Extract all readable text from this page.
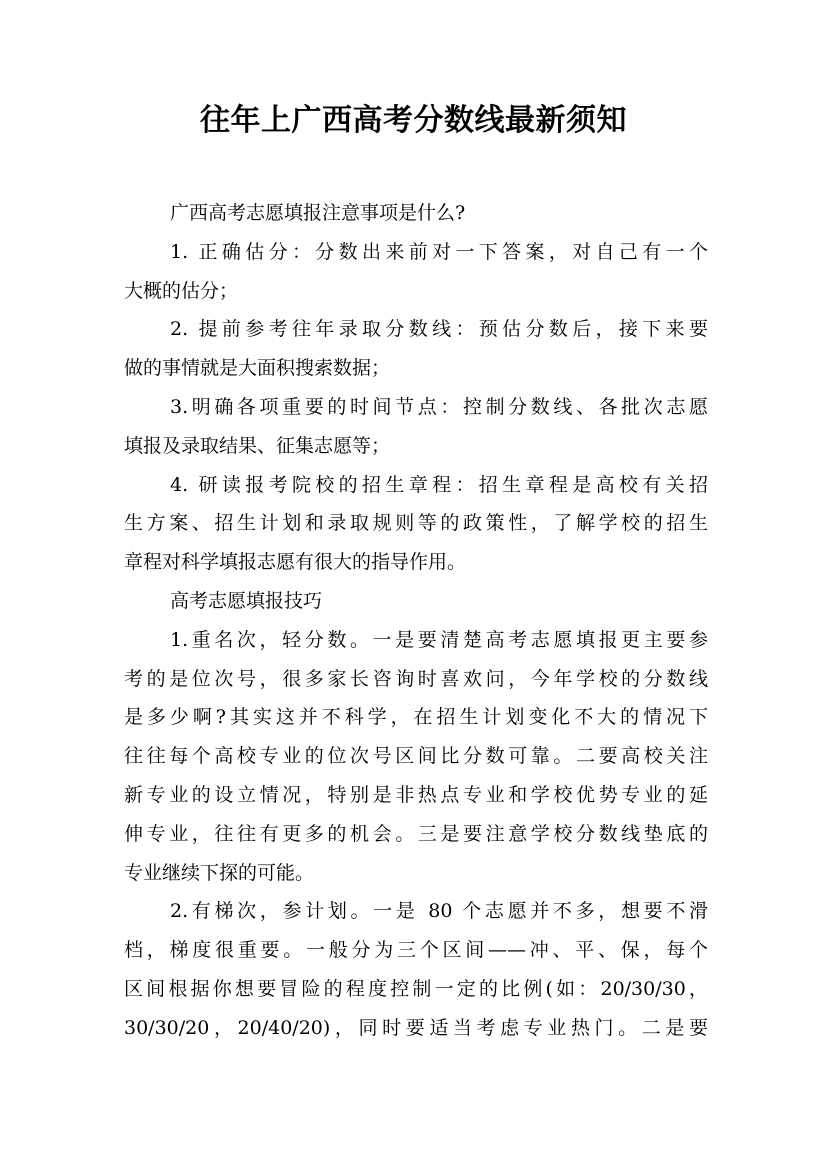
往年上广西高考分数线最新须知
广西高考志愿填报注意事项是什么?
1. 正确估分：分数出来前对一下答案，对自己有一个
大概的估分；
2. 提前参考往年录取分数线：预估分数后，接下来要
做的事情就是大面积搜索数据；
3.明确各项重要的时间节点：控制分数线、各批次志愿
填报及录取结果、征集志愿等；
4. 研读报考院校的招生章程：招生章程是高校有关招
生方案、招生计划和录取规则等的政策性，了解学校的招生
章程对科学填报志愿有很大的指导作用。
高考志愿填报技巧
1.重名次，轻分数。一是要清楚高考志愿填报更主要参
考的是位次号，很多家长咨询时喜欢问，今年学校的分数线
是多少啊?其实这并不科学，在招生计划变化不大的情况下
往往每个高校专业的位次号区间比分数可靠。二要高校关注
新专业的设立情况，特别是非热点专业和学校优势专业的延
伸专业，往往有更多的机会。三是要注意学校分数线垫底的
专业继续下探的可能。
2.有梯次，参计划。一是 80 个志愿并不多，想要不滑
档，梯度很重要。一般分为三个区间——冲、平、保，每个
区间根据你想要冒险的程度控制一定的比例(如：20/30/30，
30/30/20，20/40/20)，同时要适当考虑专业热门。二是要
